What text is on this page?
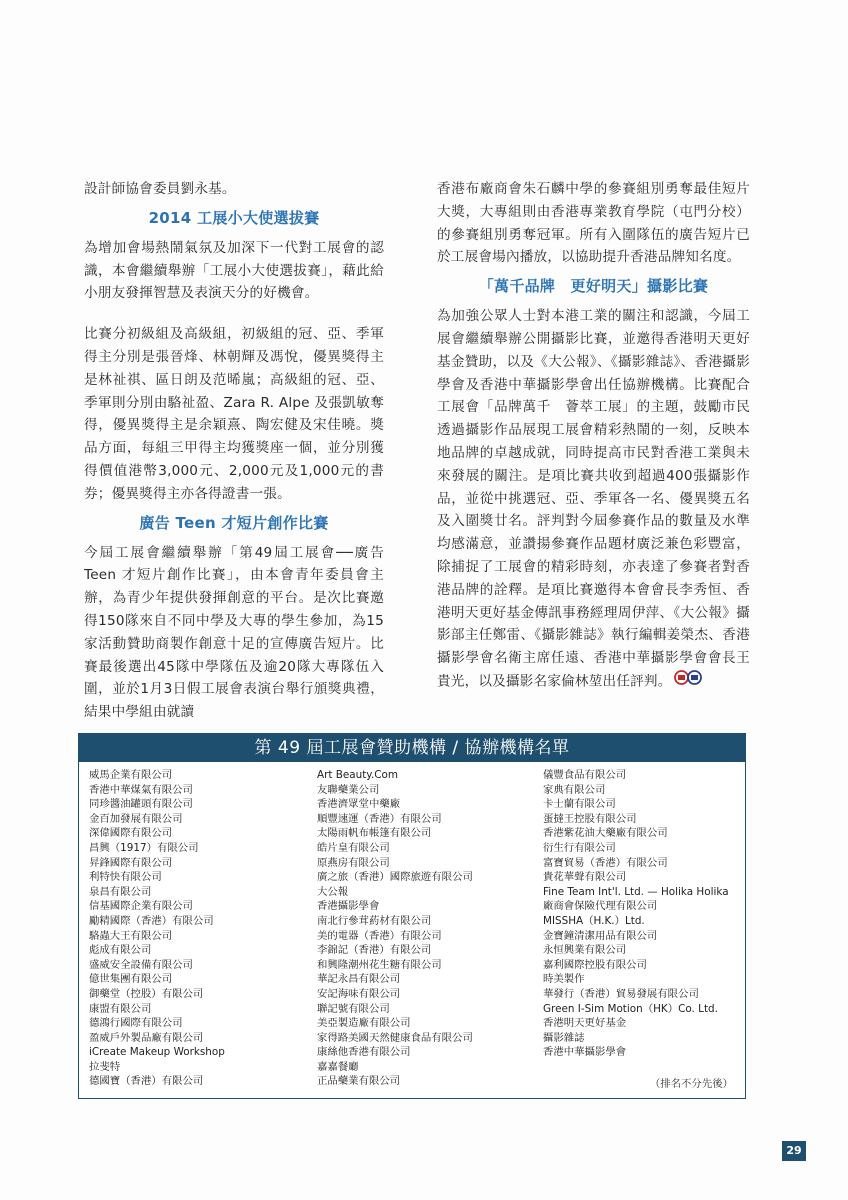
設計師協會委員劉永基。

2014 工展小大使選拔賽

為增加會場熱鬧氣氛及加深下一代對工展會的認識，本會繼續舉辦「工展小大使選拔賽」，藉此給小朋友發揮智慧及表演天分的好機會。

比賽分初級組及高級組，初級組的冠、亞、季軍得主分別是張晉烽、林朝輝及馮悅，優異獎得主是林祉祺、區日朗及范晞嵐；高級組的冠、亞、季軍則分別由駱祉盈、Zara R. Alpe 及張凱敏奪得，優異獎得主是余穎熹、陶宏健及宋佳曉。獎品方面，每組三甲得主均獲獎座一個，並分別獲得價值港幣3,000元、2,000元及1,000元的書券；優異獎得主亦各得證書一張。

廣告 Teen 才短片創作比賽

今屆工展會繼續舉辦「第49屆工展會──廣告 Teen 才短片創作比賽」，由本會青年委員會主辦，為青少年提供發揮創意的平台。是次比賽邀得150隊來自不同中學及大專的學生參加，為15家活動贊助商製作創意十足的宣傳廣告短片。比賽最後選出45隊中學隊伍及逾20隊大專隊伍入圍，並於1月3日假工展會表演台舉行頒獎典禮，結果中學組由就讀

香港布廠商會朱石麟中學的參賽組別勇奪最佳短片大獎，大專組則由香港專業教育學院（屯門分校）的參賽組別勇奪冠軍。所有入圍隊伍的廣告短片已於工展會場內播放，以協助提升香港品牌知名度。

「萬千品牌　更好明天」攝影比賽

為加強公眾人士對本港工業的關注和認識，今屆工展會繼續舉辦公開攝影比賽，並邀得香港明天更好基金贊助，以及《大公報》、《攝影雜誌》、香港攝影學會及香港中華攝影學會出任協辦機構。比賽配合工展會「品牌萬千　薈萃工展」的主題，鼓勵市民透過攝影作品展現工展會精彩熱鬧的一刻，反映本地品牌的卓越成就，同時提高市民對香港工業與未來發展的關注。是項比賽共收到超過400張攝影作品，並從中挑選冠、亞、季軍各一名、優異獎五名及入圍獎廿名。評判對今屆參賽作品的數量及水準均感滿意，並讚揚參賽作品題材廣泛兼色彩豐富，除捕捉了工展會的精彩時刻，亦表達了參賽者對香港品牌的詮釋。是項比賽邀得本會會長李秀恒、香港明天更好基金傳訊事務經理周伊萍、《大公報》攝影部主任鄭雷、《攝影雜誌》執行編輯姜榮杰、香港攝影學會名衛主席任遠、香港中華攝影學會會長王貴光，以及攝影名家倫林堃出任評判。

第 49 屆工展會贊助機構 / 協辦機構名單
威馬企業有限公司
香港中華煤氣有限公司
同珍醬油罐頭有限公司
金百加發展有限公司
深偉國際有限公司
昌興（1917）有限公司
昇鋒國際有限公司
利特快有限公司
泉昌有限公司
信基國際企業有限公司
勵精國際（香港）有限公司
駱蟲大王有限公司
彪成有限公司
盛威安全設備有限公司
億世集團有限公司
御藥堂（控股）有限公司
康盟有限公司
德鴻行國際有限公司
盈威戶外製品廠有限公司
iCreate Makeup Workshop
拉斐特
德國寶（香港）有限公司
Art Beauty.Com
友聯藥業公司
香港濟眾堂中藥廠
順豐速運（香港）有限公司
太陽雨帆布帳篷有限公司
皓片皇有限公司
原燕房有限公司
廣之旅（香港）國際旅遊有限公司
大公報
香港攝影學會
南北行參茸葯材有限公司
美的電器（香港）有限公司
李錦記（香港）有限公司
和興隆潮州花生糖有限公司
華記永昌有限公司
安記海味有限公司
聯記號有限公司
美亞製造廠有限公司
家得路美國天然健康食品有限公司
康絲他香港有限公司
嘉嘉餐廳
正品藥業有限公司
儀豐食品有限公司
家典有限公司
卡士蘭有限公司
蛋撻王控股有限公司
香港紫花油大藥廠有限公司
衍生行有限公司
富寶貿易（香港）有限公司
貴花華聲有限公司
Fine Team Int'l. Ltd. — Holika Holika
廠商會保險代理有限公司
MISSHA（H.K.）Ltd.
金寶鐘清潔用品有限公司
永恒興業有限公司
嘉利國際控股有限公司
時美製作
華發行（香港）貿易發展有限公司
Green I-Sim Motion（HK）Co. Ltd.
香港明天更好基金
攝影雜誌
香港中華攝影學會
（排名不分先後）
29
